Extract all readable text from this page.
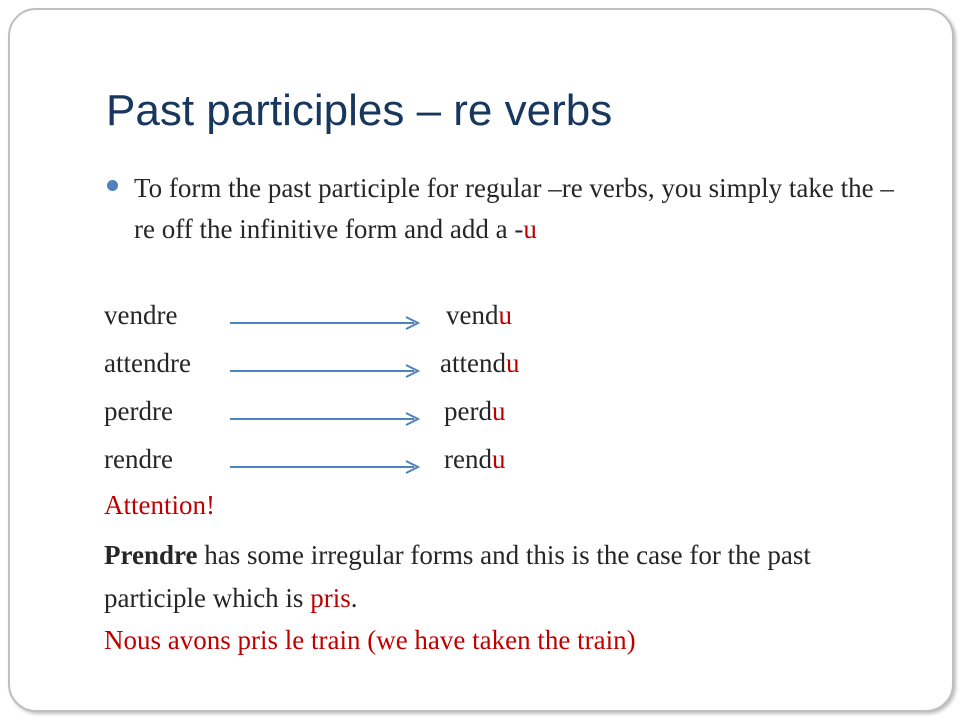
Past participles – re verbs
To form the past participle for regular –re verbs, you simply take the –re off the infinitive form and add a -u
vendre	vendu
attendre	attendu
perdre	perdu
rendre	rendu
Attention!
Prendre has some irregular forms and this is the case for the past participle which is pris.
Nous avons pris le train (we have taken the train)
